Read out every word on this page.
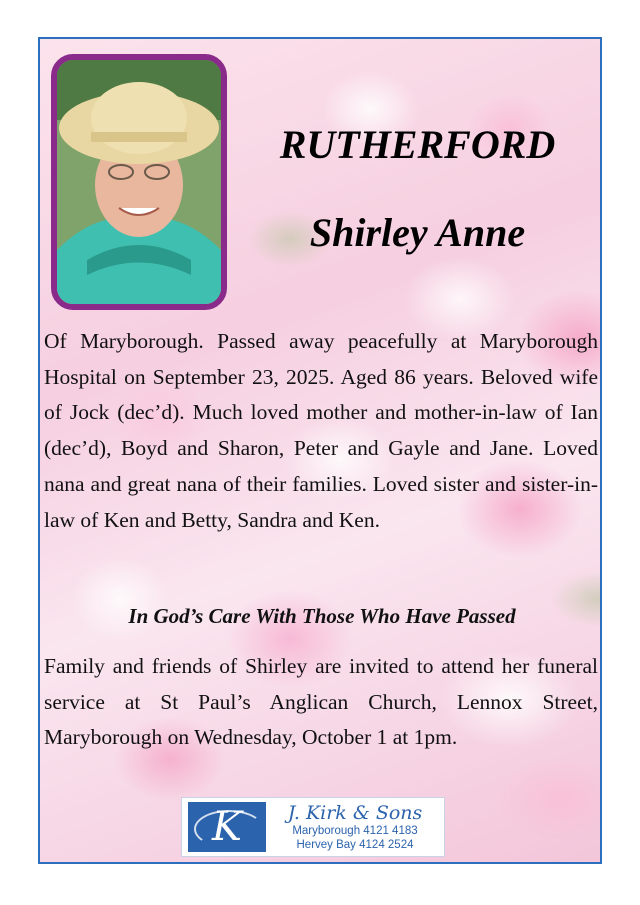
RUTHERFORD
Shirley Anne

Of Maryborough. Passed away peacefully at Maryborough Hospital on September 23, 2025. Aged 86 years. Beloved wife of Jock (dec’d). Much loved mother and mother-in-law of Ian (dec’d), Boyd and Sharon, Peter and Gayle and Jane. Loved nana and great nana of their families. Loved sister and sister-in-law of Ken and Betty, Sandra and Ken.

In God’s Care With Those Who Have Passed

Family and friends of Shirley are invited to attend her funeral service at St Paul’s Anglican Church, Lennox Street, Maryborough on Wednesday, October 1 at 1pm.

K	J. Kirk & Sons
Maryborough 4121 4183
Hervey Bay 4124 2524
